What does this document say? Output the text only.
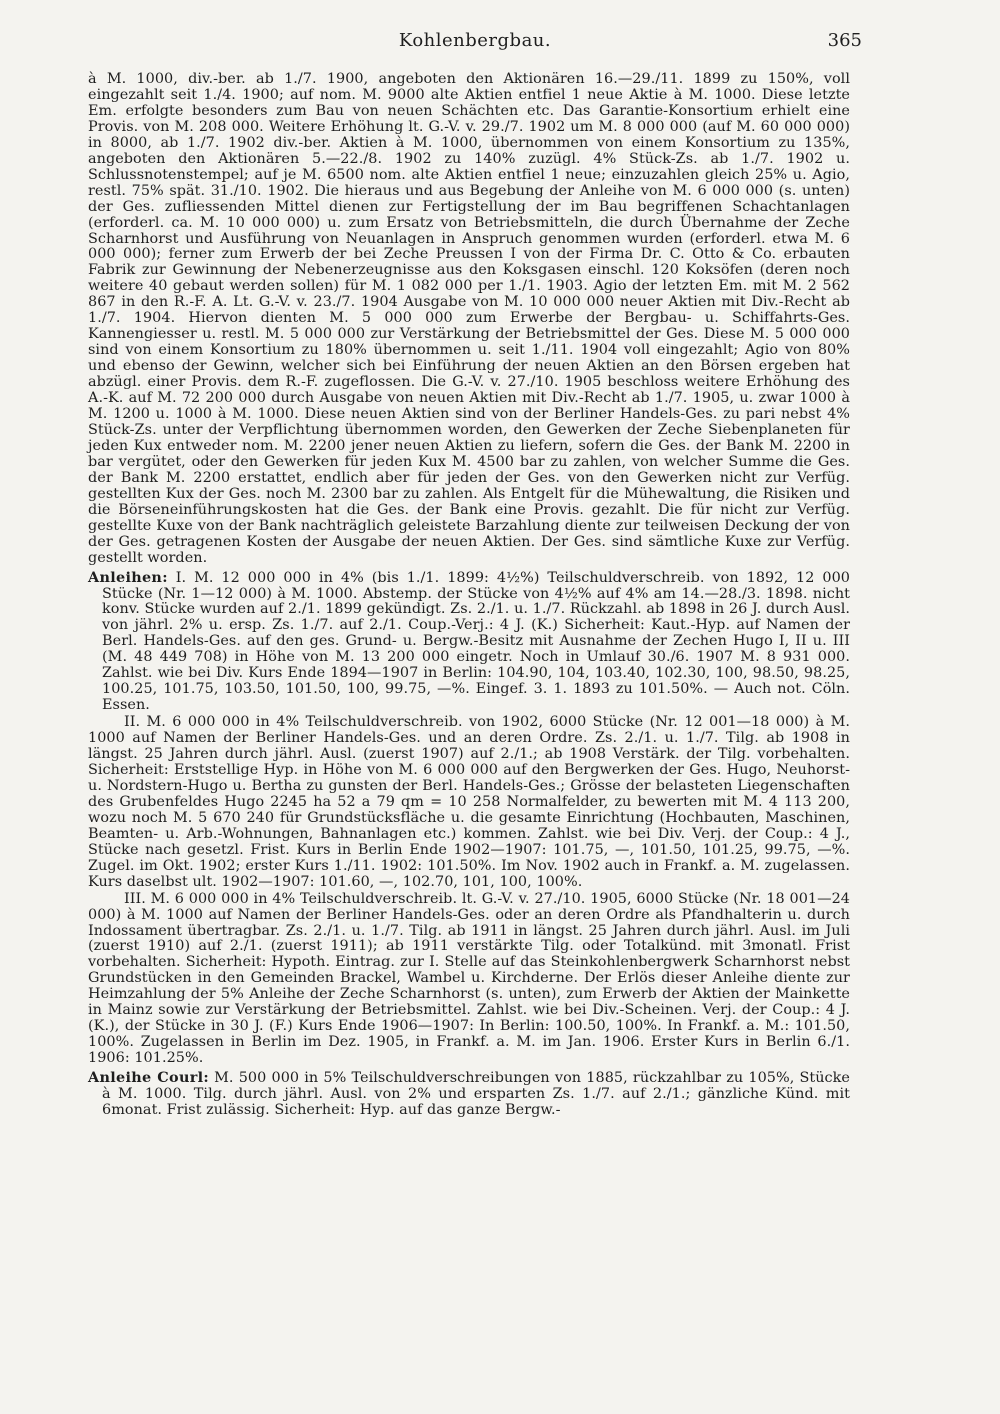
Kohlenbergbau.	365

à M. 1000, div.-ber. ab 1./7. 1900, angeboten den Aktionären 16.—29./11. 1899 zu 150%, voll eingezahlt seit 1./4. 1900; auf nom. M. 9000 alte Aktien entfiel 1 neue Aktie à M. 1000. Diese letzte Em. erfolgte besonders zum Bau von neuen Schächten etc. Das Garantie-Konsortium erhielt eine Provis. von M. 208 000. Weitere Erhöhung lt. G.-V. v. 29./7. 1902 um M. 8 000 000 (auf M. 60 000 000) in 8000, ab 1./7. 1902 div.-ber. Aktien à M. 1000, übernommen von einem Konsortium zu 135%, angeboten den Aktionären 5.—22./8. 1902 zu 140% zuzügl. 4% Stück-Zs. ab 1./7. 1902 u. Schlussnotenstempel; auf je M. 6500 nom. alte Aktien entfiel 1 neue; einzuzahlen gleich 25% u. Agio, restl. 75% spät. 31./10. 1902. Die hieraus und aus Begebung der Anleihe von M. 6 000 000 (s. unten) der Ges. zufliessenden Mittel dienen zur Fertigstellung der im Bau begriffenen Schachtanlagen (erforderl. ca. M. 10 000 000) u. zum Ersatz von Betriebsmitteln, die durch Übernahme der Zeche Scharnhorst und Ausführung von Neuanlagen in Anspruch genommen wurden (erforderl. etwa M. 6 000 000); ferner zum Erwerb der bei Zeche Preussen I von der Firma Dr. C. Otto & Co. erbauten Fabrik zur Gewinnung der Nebenerzeugnisse aus den Koksgasen einschl. 120 Koksöfen (deren noch weitere 40 gebaut werden sollen) für M. 1 082 000 per 1./1. 1903. Agio der letzten Em. mit M. 2 562 867 in den R.-F. A. Lt. G.-V. v. 23./7. 1904 Ausgabe von M. 10 000 000 neuer Aktien mit Div.-Recht ab 1./7. 1904. Hiervon dienten M. 5 000 000 zum Erwerbe der Bergbau- u. Schiffahrts-Ges. Kannengiesser u. restl. M. 5 000 000 zur Verstärkung der Betriebsmittel der Ges. Diese M. 5 000 000 sind von einem Konsortium zu 180% übernommen u. seit 1./11. 1904 voll eingezahlt; Agio von 80% und ebenso der Gewinn, welcher sich bei Einführung der neuen Aktien an den Börsen ergeben hat abzügl. einer Provis. dem R.-F. zugeflossen. Die G.-V. v. 27./10. 1905 beschloss weitere Erhöhung des A.-K. auf M. 72 200 000 durch Ausgabe von neuen Aktien mit Div.-Recht ab 1./7. 1905, u. zwar 1000 à M. 1200 u. 1000 à M. 1000. Diese neuen Aktien sind von der Berliner Handels-Ges. zu pari nebst 4% Stück-Zs. unter der Verpflichtung übernommen worden, den Gewerken der Zeche Siebenplaneten für jeden Kux entweder nom. M. 2200 jener neuen Aktien zu liefern, sofern die Ges. der Bank M. 2200 in bar vergütet, oder den Gewerken für jeden Kux M. 4500 bar zu zahlen, von welcher Summe die Ges. der Bank M. 2200 erstattet, endlich aber für jeden der Ges. von den Gewerken nicht zur Verfüg. gestellten Kux der Ges. noch M. 2300 bar zu zahlen. Als Entgelt für die Mühewaltung, die Risiken und die Börseneinführungskosten hat die Ges. der Bank eine Provis. gezahlt. Die für nicht zur Verfüg. gestellte Kuxe von der Bank nachträglich geleistete Barzahlung diente zur teilweisen Deckung der von der Ges. getragenen Kosten der Ausgabe der neuen Aktien. Der Ges. sind sämtliche Kuxe zur Verfüg. gestellt worden.

Anleihen: I. M. 12 000 000 in 4% (bis 1./1. 1899: 4½%) Teilschuldverschreib. von 1892, 12 000 Stücke (Nr. 1—12 000) à M. 1000. Abstemp. der Stücke von 4½% auf 4% am 14.—28./3. 1898. nicht konv. Stücke wurden auf 2./1. 1899 gekündigt. Zs. 2./1. u. 1./7. Rückzahl. ab 1898 in 26 J. durch Ausl. von jährl. 2% u. ersp. Zs. 1./7. auf 2./1. Coup.-Verj.: 4 J. (K.) Sicherheit: Kaut.-Hyp. auf Namen der Berl. Handels-Ges. auf den ges. Grund- u. Bergw.-Besitz mit Ausnahme der Zechen Hugo I, II u. III (M. 48 449 708) in Höhe von M. 13 200 000 eingetr. Noch in Umlauf 30./6. 1907 M. 8 931 000. Zahlst. wie bei Div. Kurs Ende 1894—1907 in Berlin: 104.90, 104, 103.40, 102.30, 100, 98.50, 98.25, 100.25, 101.75, 103.50, 101.50, 100, 99.75, —%. Eingef. 3. 1. 1893 zu 101.50%. — Auch not. Cöln. Essen.

II. M. 6 000 000 in 4% Teilschuldverschreib. von 1902, 6000 Stücke (Nr. 12 001—18 000) à M. 1000 auf Namen der Berliner Handels-Ges. und an deren Ordre. Zs. 2./1. u. 1./7. Tilg. ab 1908 in längst. 25 Jahren durch jährl. Ausl. (zuerst 1907) auf 2./1.; ab 1908 Verstärk. der Tilg. vorbehalten. Sicherheit: Erststellige Hyp. in Höhe von M. 6 000 000 auf den Bergwerken der Ges. Hugo, Neuhorst- u. Nordstern-Hugo u. Bertha zu gunsten der Berl. Handels-Ges.; Grösse der belasteten Liegenschaften des Grubenfeldes Hugo 2245 ha 52 a 79 qm = 10 258 Normalfelder, zu bewerten mit M. 4 113 200, wozu noch M. 5 670 240 für Grundstücksfläche u. die gesamte Einrichtung (Hochbauten, Maschinen, Beamten- u. Arb.-Wohnungen, Bahnanlagen etc.) kommen. Zahlst. wie bei Div. Verj. der Coup.: 4 J., Stücke nach gesetzl. Frist. Kurs in Berlin Ende 1902—1907: 101.75, —, 101.50, 101.25, 99.75, —%. Zugel. im Okt. 1902; erster Kurs 1./11. 1902: 101.50%. Im Nov. 1902 auch in Frankf. a. M. zugelassen. Kurs daselbst ult. 1902—1907: 101.60, —, 102.70, 101, 100, 100%.

III. M. 6 000 000 in 4% Teilschuldverschreib. lt. G.-V. v. 27./10. 1905, 6000 Stücke (Nr. 18 001—24 000) à M. 1000 auf Namen der Berliner Handels-Ges. oder an deren Ordre als Pfandhalterin u. durch Indossament übertragbar. Zs. 2./1. u. 1./7. Tilg. ab 1911 in längst. 25 Jahren durch jährl. Ausl. im Juli (zuerst 1910) auf 2./1. (zuerst 1911); ab 1911 verstärkte Tilg. oder Totalkünd. mit 3monatl. Frist vorbehalten. Sicherheit: Hypoth. Eintrag. zur I. Stelle auf das Steinkohlenbergwerk Scharnhorst nebst Grundstücken in den Gemeinden Brackel, Wambel u. Kirchderne. Der Erlös dieser Anleihe diente zur Heimzahlung der 5% Anleihe der Zeche Scharnhorst (s. unten), zum Erwerb der Aktien der Mainkette in Mainz sowie zur Verstärkung der Betriebsmittel. Zahlst. wie bei Div.-Scheinen. Verj. der Coup.: 4 J. (K.), der Stücke in 30 J. (F.) Kurs Ende 1906—1907: In Berlin: 100.50, 100%. In Frankf. a. M.: 101.50, 100%. Zugelassen in Berlin im Dez. 1905, in Frankf. a. M. im Jan. 1906. Erster Kurs in Berlin 6./1. 1906: 101.25%.

Anleihe Courl: M. 500 000 in 5% Teilschuldverschreibungen von 1885, rückzahlbar zu 105%, Stücke à M. 1000. Tilg. durch jährl. Ausl. von 2% und ersparten Zs. 1./7. auf 2./1.; gänzliche Künd. mit 6monat. Frist zulässig. Sicherheit: Hyp. auf das ganze Bergw.-
